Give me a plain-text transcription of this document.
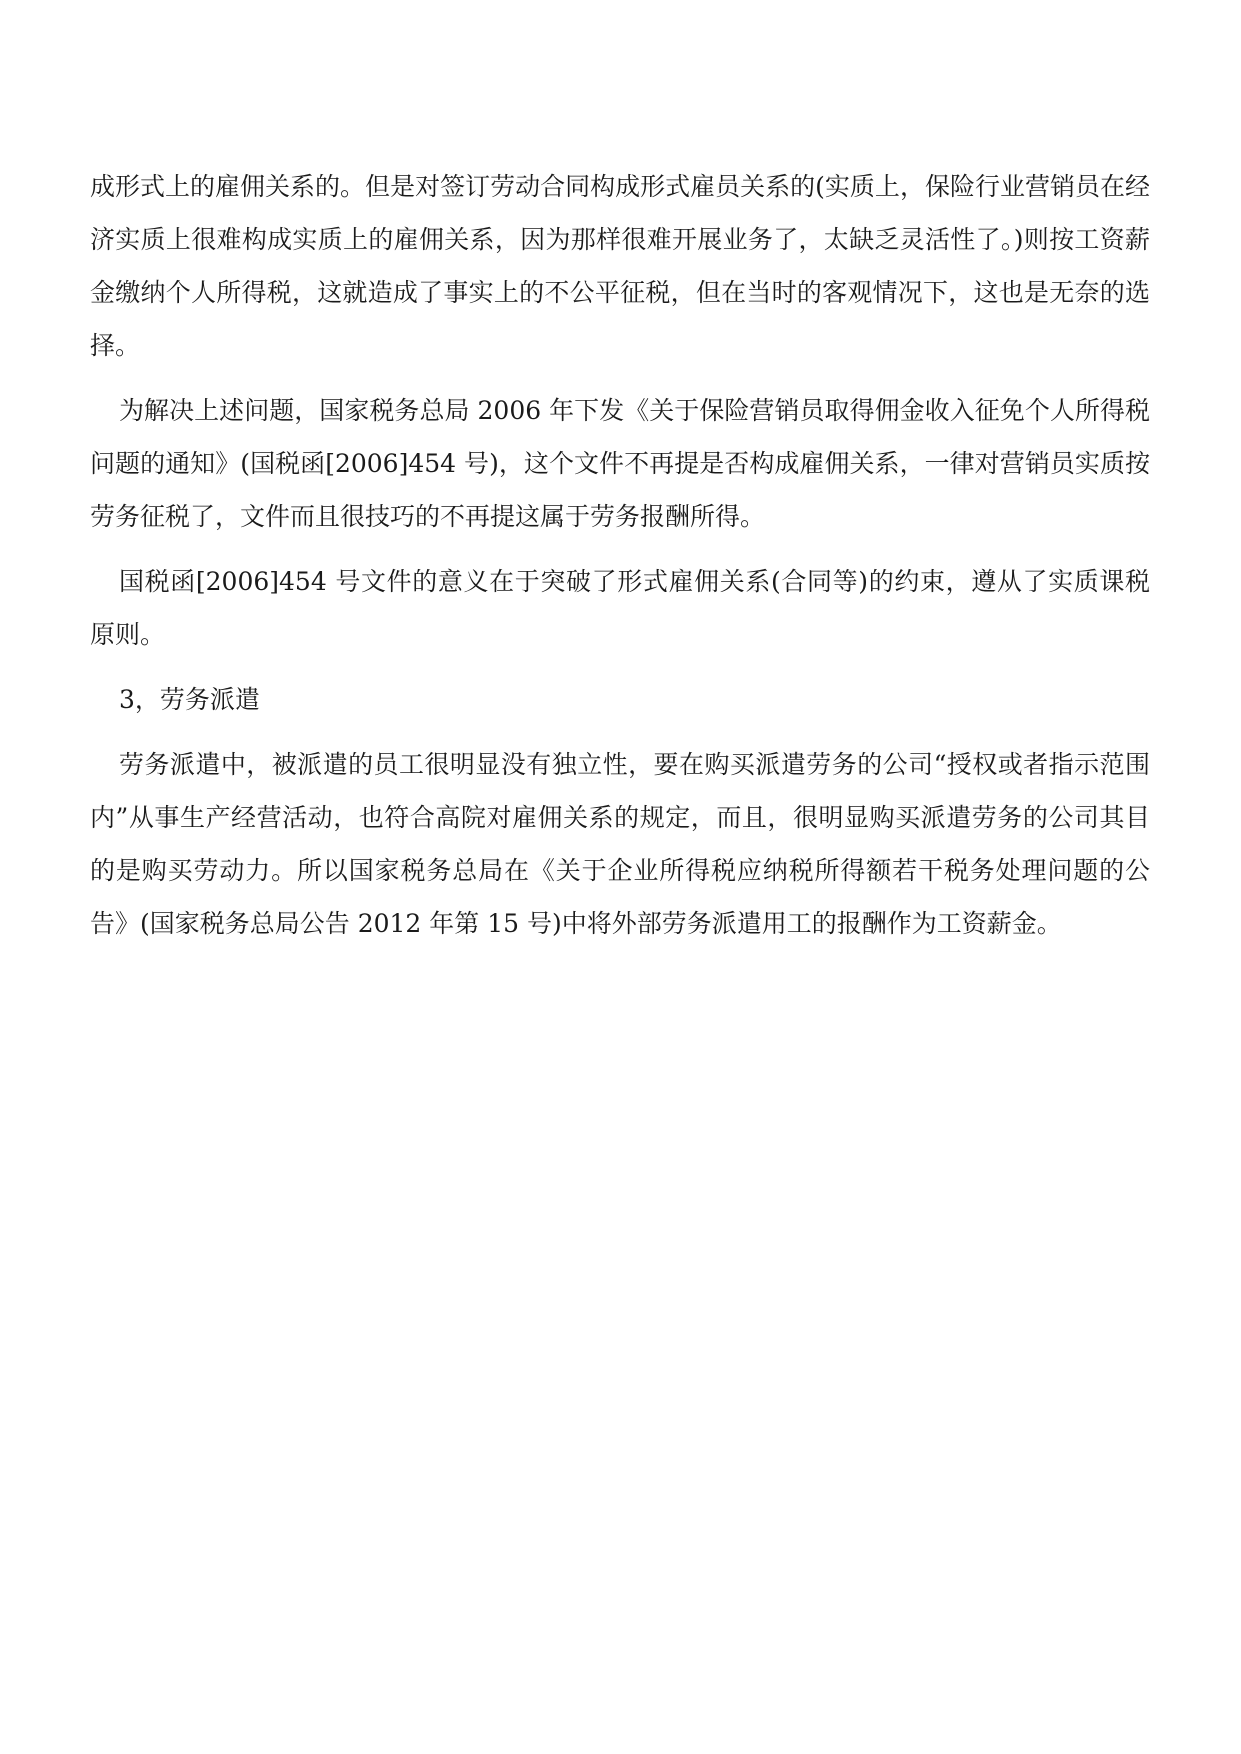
成形式上的雇佣关系的。但是对签订劳动合同构成形式雇员关系的(实质上，保险行业营销员在经济实质上很难构成实质上的雇佣关系，因为那样很难开展业务了，太缺乏灵活性了。)则按工资薪金缴纳个人所得税，这就造成了事实上的不公平征税，但在当时的客观情况下，这也是无奈的选择。

为解决上述问题，国家税务总局 2006 年下发《关于保险营销员取得佣金收入征免个人所得税问题的通知》(国税函[2006]454 号)，这个文件不再提是否构成雇佣关系，一律对营销员实质按劳务征税了，文件而且很技巧的不再提这属于劳务报酬所得。

国税函[2006]454 号文件的意义在于突破了形式雇佣关系(合同等)的约束，遵从了实质课税原则。

3，劳务派遣

劳务派遣中，被派遣的员工很明显没有独立性，要在购买派遣劳务的公司“授权或者指示范围内”从事生产经营活动，也符合高院对雇佣关系的规定，而且，很明显购买派遣劳务的公司其目的是购买劳动力。所以国家税务总局在《关于企业所得税应纳税所得额若干税务处理问题的公告》(国家税务总局公告 2012 年第 15 号)中将外部劳务派遣用工的报酬作为工资薪金。
